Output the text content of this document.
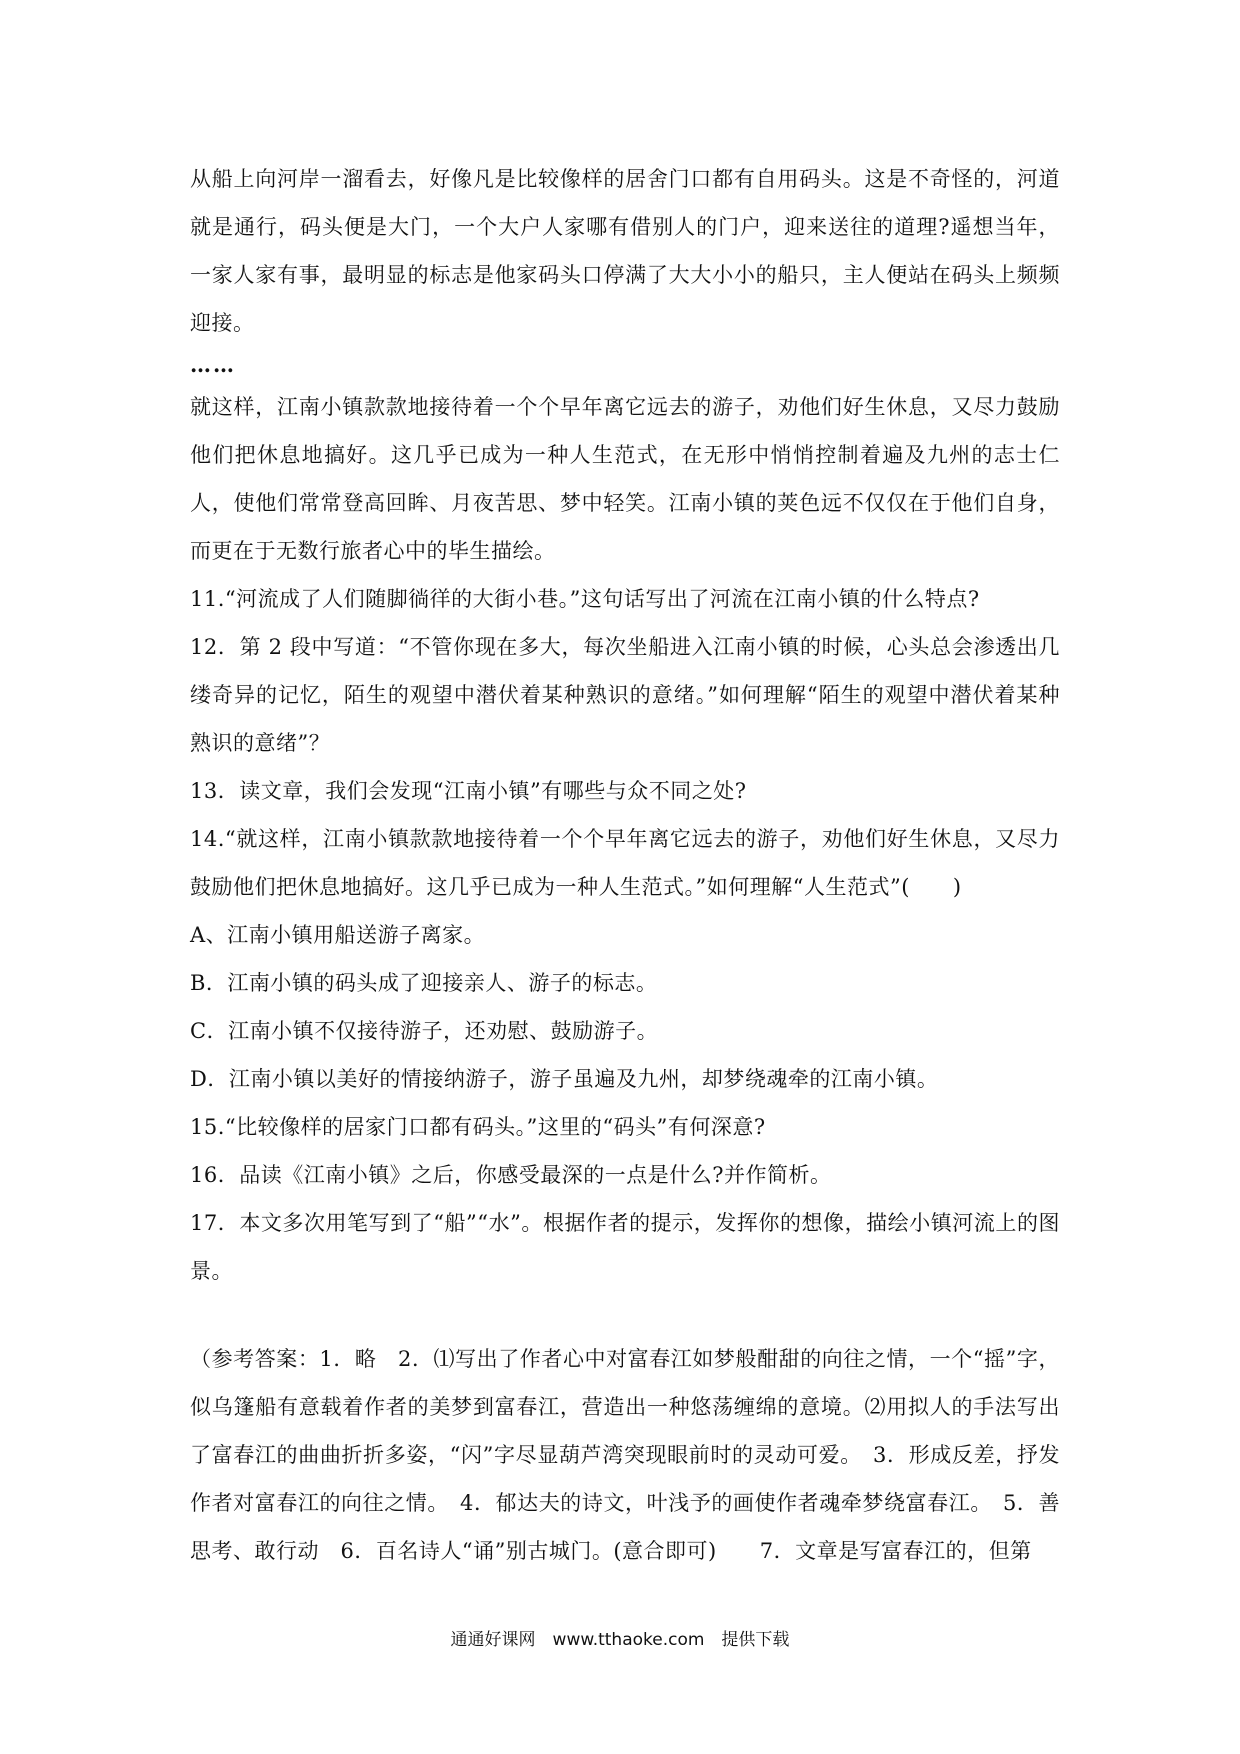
从船上向河岸一溜看去，好像凡是比较像样的居舍门口都有自用码头。这是不奇怪的，河道就是通行，码头便是大门，一个大户人家哪有借别人的门户，迎来送往的道理?遥想当年，一家人家有事，最明显的标志是他家码头口停满了大大小小的船只，主人便站在码头上频频迎接。

……

就这样，江南小镇款款地接待着一个个早年离它远去的游子，劝他们好生休息，又尽力鼓励他们把休息地搞好。这几乎已成为一种人生范式，在无形中悄悄控制着遍及九州的志士仁人，使他们常常登高回眸、月夜苦思、梦中轻笑。江南小镇的荚色远不仅仅在于他们自身，而更在于无数行旅者心中的毕生描绘。

11.“河流成了人们随脚徜徉的大街小巷。”这句话写出了河流在江南小镇的什么特点?

12．第 2 段中写道：“不管你现在多大，每次坐船进入江南小镇的时候，心头总会渗透出几缕奇异的记忆，陌生的观望中潜伏着某种熟识的意绪。”如何理解“陌生的观望中潜伏着某种熟识的意绪”？

13．读文章，我们会发现“江南小镇”有哪些与众不同之处?

14.“就这样，江南小镇款款地接待着一个个早年离它远去的游子，劝他们好生休息，又尽力鼓励他们把休息地搞好。这几乎已成为一种人生范式。”如何理解“人生范式”(　　)

A、江南小镇用船送游子离家。

B．江南小镇的码头成了迎接亲人、游子的标志。

C．江南小镇不仅接待游子，还劝慰、鼓励游子。

D．江南小镇以美好的情接纳游子，游子虽遍及九州，却梦绕魂牵的江南小镇。

15.“比较像样的居家门口都有码头。”这里的“码头”有何深意?

16．品读《江南小镇》之后，你感受最深的一点是什么?并作简析。

17．本文多次用笔写到了“船”“水”。根据作者的提示，发挥你的想像，描绘小镇河流上的图景。

（参考答案：1．略　2．⑴写出了作者心中对富春江如梦般酣甜的向往之情，一个“摇”字，似乌篷船有意载着作者的美梦到富春江，营造出一种悠荡缠绵的意境。⑵用拟人的手法写出了富春江的曲曲折折多姿，“闪”字尽显葫芦湾突现眼前时的灵动可爱。　3．形成反差，抒发作者对富春江的向往之情。　4．郁达夫的诗文，叶浅予的画使作者魂牵梦绕富春江。　5．善思考、敢行动　6．百名诗人“诵”别古城门。(意合即可)　　7．文章是写富春江的，但第

通通好课网　www.tthaoke.com　提供下载
